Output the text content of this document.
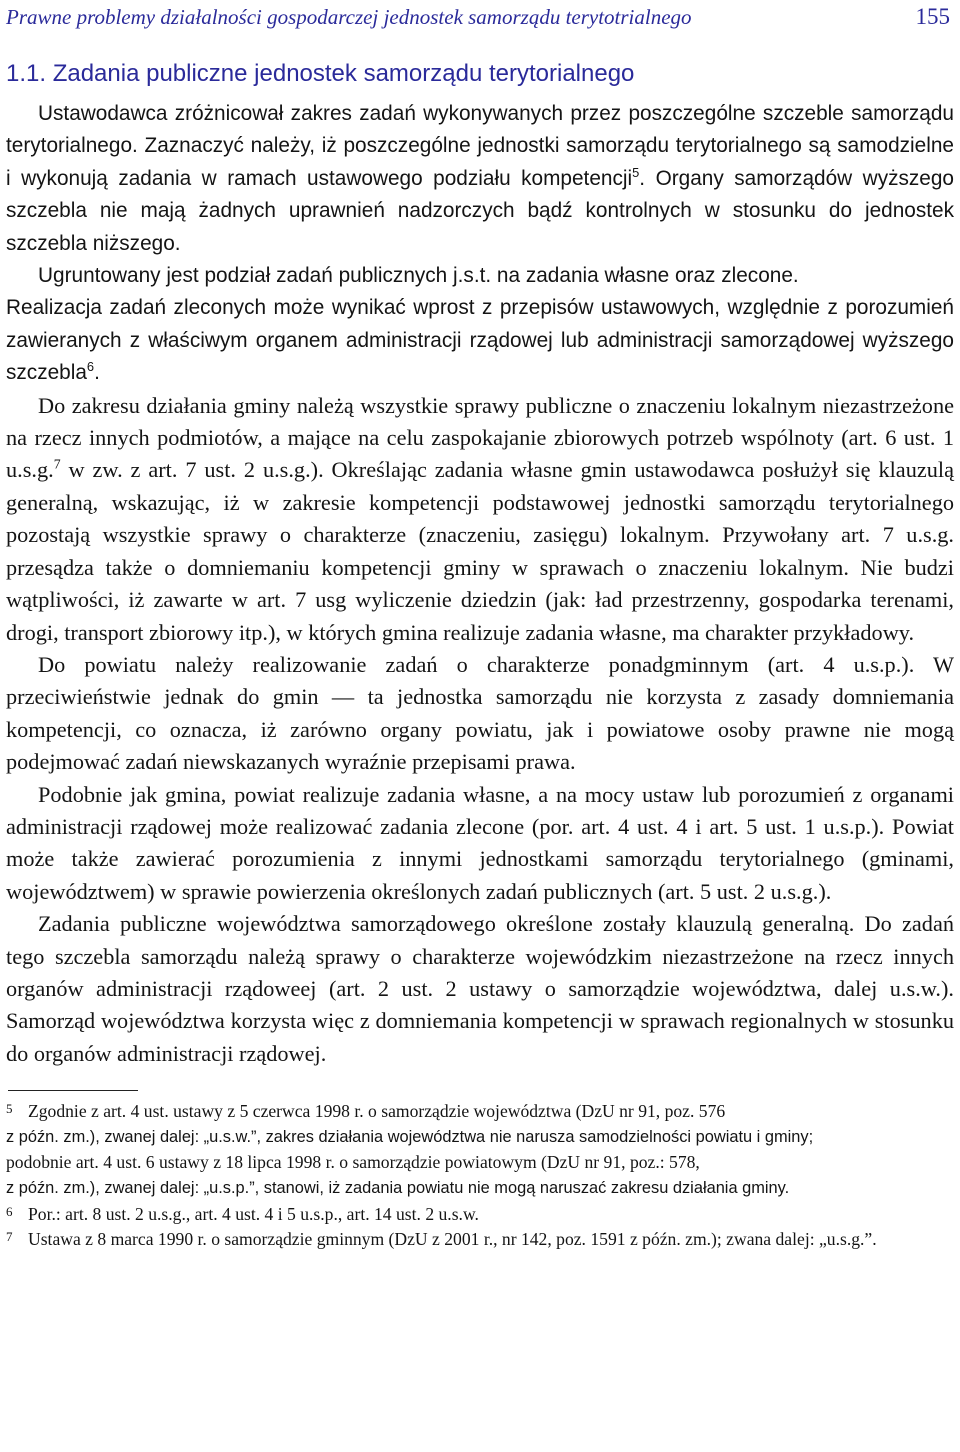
Prawne problemy działalności gospodarczej jednostek samorządu terytotrialnego	155
1.1. Zadania publiczne jednostek samorządu terytorialnego

Ustawodawca zróżnicował zakres zadań wykonywanych przez poszczególne szczeble samorządu terytorialnego. Zaznaczyć należy, iż poszczególne jednostki samorządu terytorialnego są samodzielne i wykonują zadania w ramach ustawowego podziału kompetencji$^5$. Organy samorządów wyższego szczebla nie mają żadnych uprawnień nadzorczych bądź kontrolnych w stosunku do jednostek szczebla niższego.

Ugruntowany jest podział zadań publicznych j.s.t. na zadania własne oraz zlecone.

Realizacja zadań zleconych może wynikać wprost z przepisów ustawowych, względnie z porozumień zawieranych z właściwym organem administracji rządowej lub administracji samorządowej wyższego szczebla$^6$.

Do zakresu działania gminy należą wszystkie sprawy publiczne o znaczeniu lokalnym niezastrzeżone na rzecz innych podmiotów, a mające na celu zaspokajanie zbiorowych potrzeb wspólnoty (art. 6 ust. 1 u.s.g.$^7$ w zw. z art. 7 ust. 2 u.s.g.). Określając zadania własne gmin ustawodawca posłużył się klauzulą generalną, wskazując, iż w zakresie kompetencji podstawowej jednostki samorządu terytorialnego pozostają wszystkie sprawy o charakterze (znaczeniu, zasięgu) lokalnym. Przywołany art. 7 u.s.g. przesądza także o domniemaniu kompetencji gminy w sprawach o znaczeniu lokalnym. Nie budzi wątpliwości, iż zawarte w art. 7 usg wyliczenie dziedzin (jak: ład przestrzenny, gospodarka terenami, drogi, transport zbiorowy itp.), w których gmina realizuje zadania własne, ma charakter przykładowy.

Do powiatu należy realizowanie zadań o charakterze ponadgminnym (art. 4 u.s.p.). W przeciwieństwie jednak do gmin — ta jednostka samorządu nie korzysta z zasady domniemania kompetencji, co oznacza, iż zarówno organy powiatu, jak i powiatowe osoby prawne nie mogą podejmować zadań niewskazanych wyraźnie przepisami prawa.

Podobnie jak gmina, powiat realizuje zadania własne, a na mocy ustaw lub porozumień z organami administracji rządowej może realizować zadania zlecone (por. art. 4 ust. 4 i art. 5 ust. 1 u.s.p.). Powiat może także zawierać porozumienia z innymi jednostkami samorządu terytorialnego (gminami, województwem) w sprawie powierzenia określonych zadań publicznych (art. 5 ust. 2 u.s.g.).

Zadania publiczne województwa samorządowego określone zostały klauzulą generalną. Do zadań tego szczebla samorządu należą sprawy o charakterze wojewódzkim niezastrzeżone na rzecz innych organów administracji rządoweej (art. 2 ust. 2 ustawy o samorządzie województwa, dalej u.s.w.). Samorząd województwa korzysta więc z domniemania kompetencji w sprawach regionalnych w stosunku do organów administracji rządowej.

5 Zgodnie z art. 4 ust. ustawy z 5 czerwca 1998 r. o samorządzie województwa (DzU nr 91, poz. 576
z późn. zm.), zwanej dalej: „u.s.w.”, zakres działania województwa nie narusza samodzielności powiatu i gminy;
podobnie art. 4 ust. 6 ustawy z 18 lipca 1998 r. o samorządzie powiatowym (DzU nr 91, poz.: 578,
z późn. zm.), zwanej dalej: „u.s.p.”, stanowi, iż zadania powiatu nie mogą naruszać zakresu działania gminy.
6 Por.: art. 8 ust. 2 u.s.g., art. 4 ust. 4 i 5 u.s.p., art. 14 ust. 2 u.s.w.
7 Ustawa z 8 marca 1990 r. o samorządzie gminnym (DzU z 2001 r., nr 142, poz. 1591 z późn. zm.); zwana dalej: „u.s.g.”.
